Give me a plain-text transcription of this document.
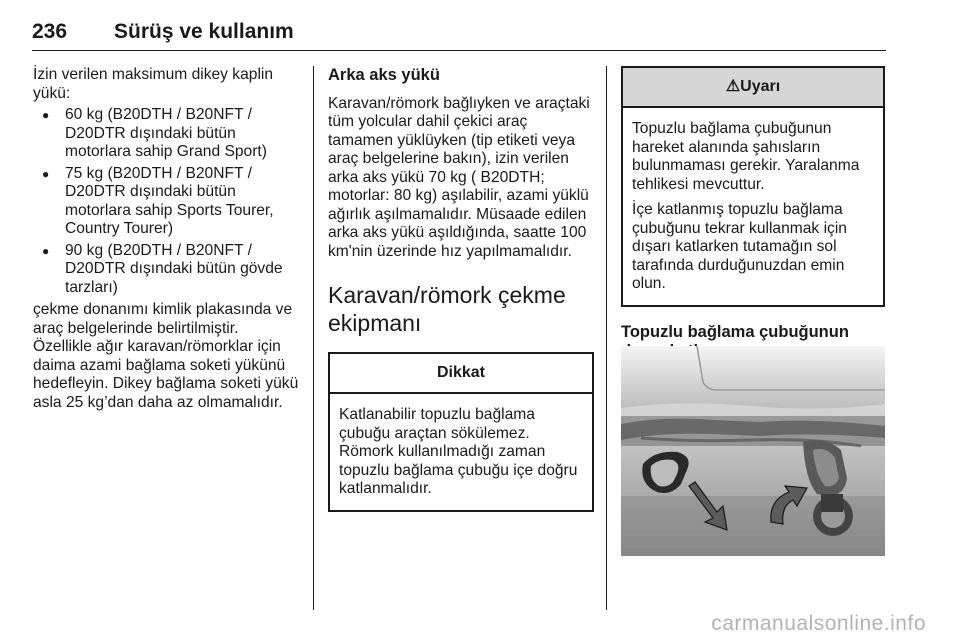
236 Sürüş ve kullanım

İzin verilen maksimum dikey kaplin yükü:

● 60 kg (B20DTH / B20NFT / D20DTR dışındaki bütün motorlara sahip Grand Sport)
● 75 kg (B20DTH / B20NFT / D20DTR dışındaki bütün motorlara sahip Sports Tourer, Country Tourer)
● 90 kg (B20DTH / B20NFT / D20DTR dışındaki bütün gövde tarzları)

çekme donanımı kimlik plakasında ve araç belgelerinde belirtilmiştir. Özellikle ağır karavan/römorklar için daima azami bağlama soketi yükünü hedefleyin. Dikey bağlama soketi yükü asla 25 kg’dan daha az olmamalıdır.

Arka aks yükü

Karavan/römork bağlıyken ve araçtaki tüm yolcular dahil çekici araç tamamen yüklüyken (tip etiketi veya araç belgelerine bakın), izin verilen arka aks yükü 70 kg ( B20DTH; motorlar: 80 kg) aşılabilir, azami yüklü ağırlık aşılmamalıdır. Müsaade edilen arka aks yükü aşıldığında, saatte 100 km'nin üzerinde hız yapılmamalıdır.

Karavan/römork çekme ekipmanı
Dikkat

Katlanabilir topuzlu bağlama çubuğu araçtan sökülemez. Römork kullanılmadığı zaman topuzlu bağlama çubuğu içe doğru katlanmalıdır.

⚠Uyarı

Topuzlu bağlama çubuğunun hareket alanında şahısların bulunmaması gerekir. Yaralanma tehlikesi mevcuttur.

İçe katlanmış topuzlu bağlama çubuğunu tekrar kullanmak için dışarı katlarken tutamağın sol tarafında durduğunuzdan emin olun.

Topuzlu bağlama çubuğunun
carmanualsonline.info
